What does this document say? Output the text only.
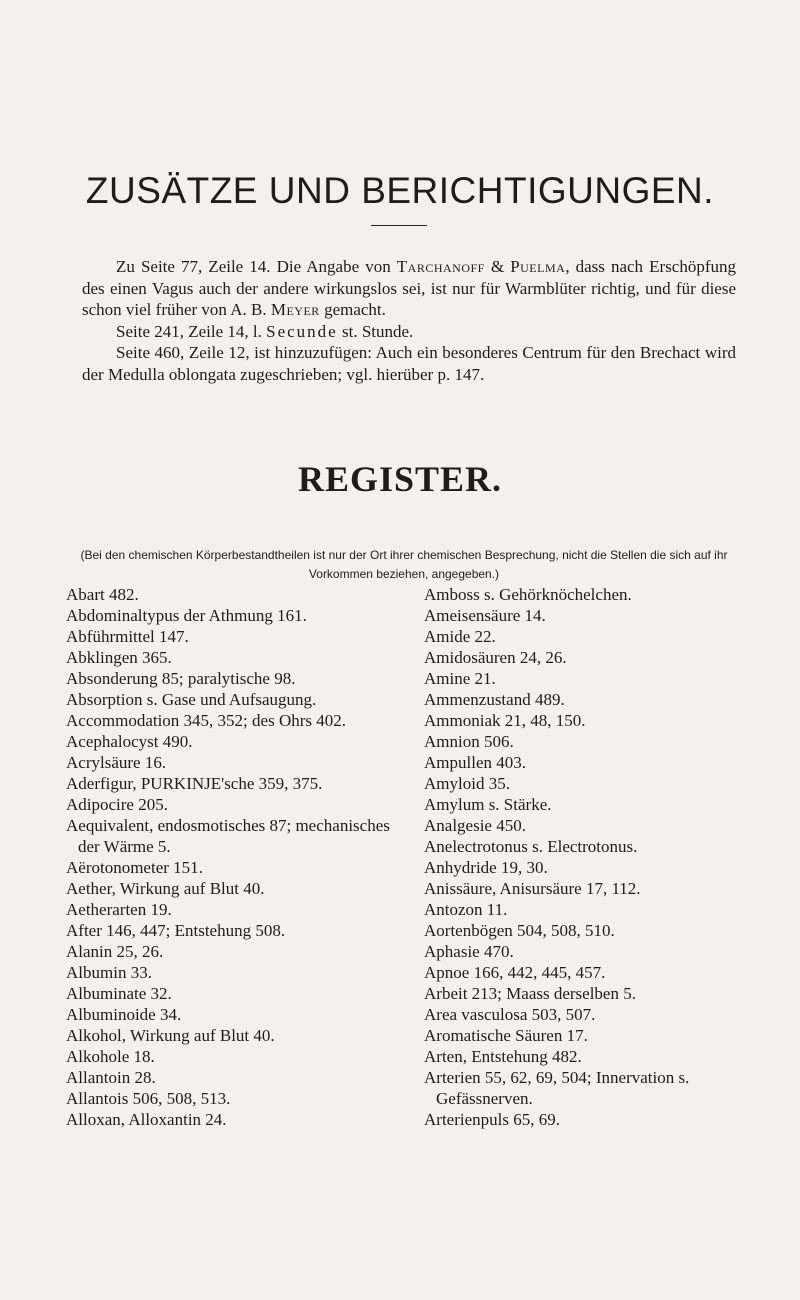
ZUSÄTZE UND BERICHTIGUNGEN.

Zu Seite 77, Zeile 14. Die Angabe von Tarchanoff & Puelma, dass nach Erschöpfung des einen Vagus auch der andere wirkungslos sei, ist nur für Warmblüter richtig, und für diese schon viel früher von A. B. Meyer gemacht.

Seite 241, Zeile 14, l. Secunde st. Stunde.

Seite 460, Zeile 12, ist hinzuzufügen: Auch ein besonderes Centrum für den Brechact wird der Medulla oblongata zugeschrieben; vgl. hierüber p. 147.

REGISTER.
(Bei den chemischen Körperbestandtheilen ist nur der Ort ihrer chemischen Besprechung, nicht die Stellen die sich auf ihr Vorkommen beziehen, angegeben.)

Abart 482.

Abdominaltypus der Athmung 161.

Abführmittel 147.

Abklingen 365.

Absonderung 85; paralytische 98.

Absorption s. Gase und Aufsaugung.

Accommodation 345, 352; des Ohrs 402.

Acephalocyst 490.

Acrylsäure 16.

Aderfigur, PURKINJE'sche 359, 375.

Adipocire 205.

Aequivalent, endosmotisches 87; mechanisches der Wärme 5.

Aërotonometer 151.

Aether, Wirkung auf Blut 40.

Aetherarten 19.

After 146, 447; Entstehung 508.

Alanin 25, 26.

Albumin 33.

Albuminate 32.

Albuminoide 34.

Alkohol, Wirkung auf Blut 40.

Alkohole 18.

Allantoin 28.

Allantois 506, 508, 513.

Alloxan, Alloxantin 24.

Amboss s. Gehörknöchelchen.

Ameisensäure 14.

Amide 22.

Amidosäuren 24, 26.

Amine 21.

Ammenzustand 489.

Ammoniak 21, 48, 150.

Amnion 506.

Ampullen 403.

Amyloid 35.

Amylum s. Stärke.

Analgesie 450.

Anelectrotonus s. Electrotonus.

Anhydride 19, 30.

Anissäure, Anisursäure 17, 112.

Antozon 11.

Aortenbögen 504, 508, 510.

Aphasie 470.

Apnoe 166, 442, 445, 457.

Arbeit 213; Maass derselben 5.

Area vasculosa 503, 507.

Aromatische Säuren 17.

Arten, Entstehung 482.

Arterien 55, 62, 69, 504; Innervation s. Gefässnerven.

Arterienpuls 65, 69.
